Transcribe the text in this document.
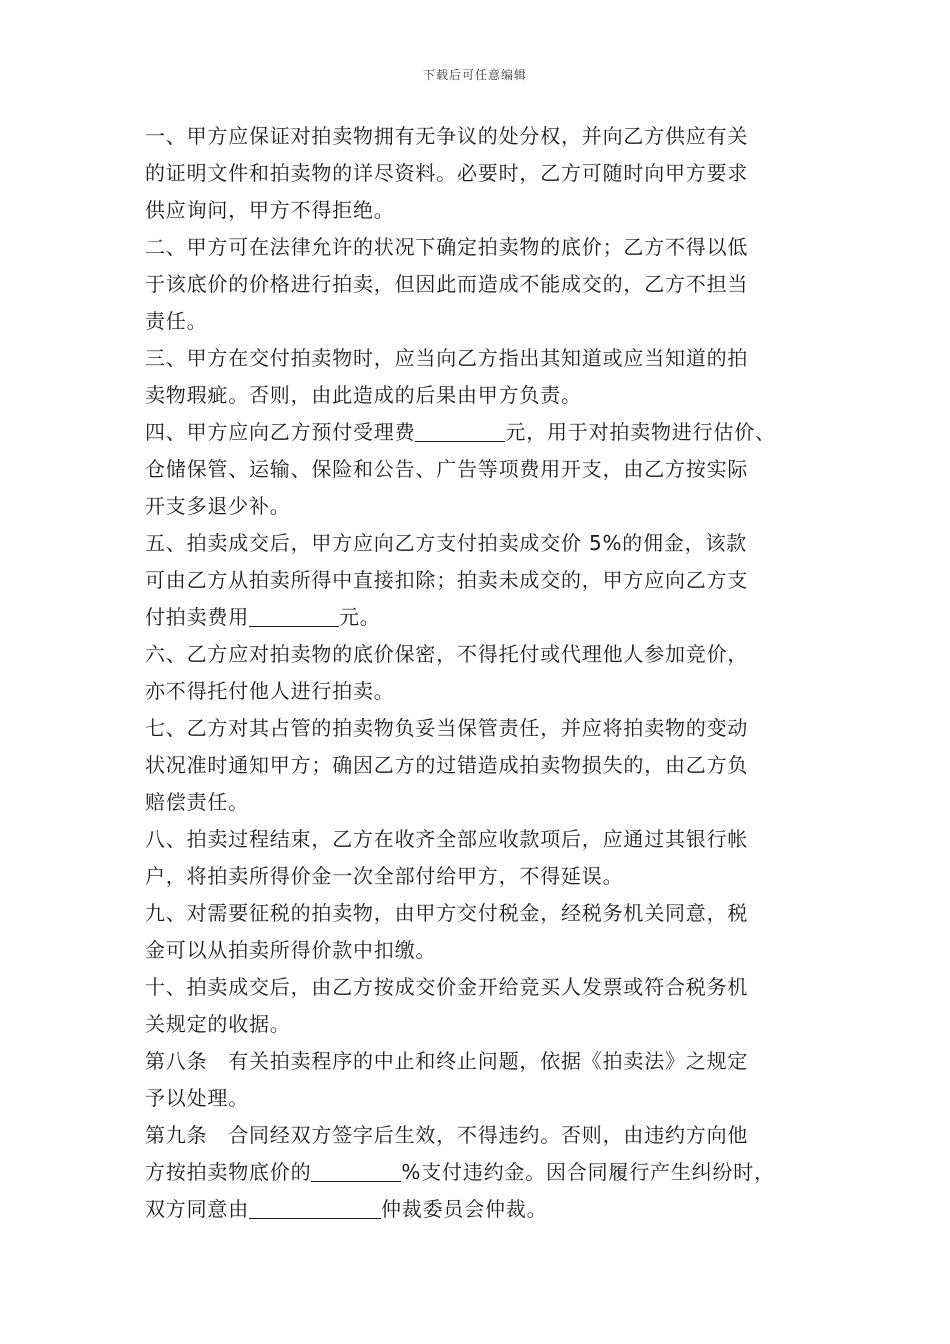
下载后可任意编辑
一、甲方应保证对拍卖物拥有无争议的处分权，并向乙方供应有关
的证明文件和拍卖物的详尽资料。必要时，乙方可随时向甲方要求
供应询问，甲方不得拒绝。
二、甲方可在法律允许的状况下确定拍卖物的底价；乙方不得以低
于该底价的价格进行拍卖，但因此而造成不能成交的，乙方不担当
责任。
三、甲方在交付拍卖物时，应当向乙方指出其知道或应当知道的拍
卖物瑕疵。否则，由此造成的后果由甲方负责。
四、甲方应向乙方预付受理费	元，用于对拍卖物进行估价、
仓储保管、运输、保险和公告、广告等项费用开支，由乙方按实际
开支多退少补。
五、拍卖成交后，甲方应向乙方支付拍卖成交价 5%的佣金，该款
可由乙方从拍卖所得中直接扣除；拍卖未成交的，甲方应向乙方支
付拍卖费用	元。
六、乙方应对拍卖物的底价保密，不得托付或代理他人参加竞价，
亦不得托付他人进行拍卖。
七、乙方对其占管的拍卖物负妥当保管责任，并应将拍卖物的变动
状况准时通知甲方；确因乙方的过错造成拍卖物损失的，由乙方负
赔偿责任。
八、拍卖过程结束，乙方在收齐全部应收款项后，应通过其银行帐
户，将拍卖所得价金一次全部付给甲方，不得延误。
九、对需要征税的拍卖物，由甲方交付税金，经税务机关同意，税
金可以从拍卖所得价款中扣缴。
十、拍卖成交后，由乙方按成交价金开给竞买人发票或符合税务机
关规定的收据。
第八条　有关拍卖程序的中止和终止问题，依据《拍卖法》之规定
予以处理。
第九条　合同经双方签字后生效，不得违约。否则，由违约方向他
方按拍卖物底价的	%支付违约金。因合同履行产生纠纷时，
双方同意由	仲裁委员会仲裁。
